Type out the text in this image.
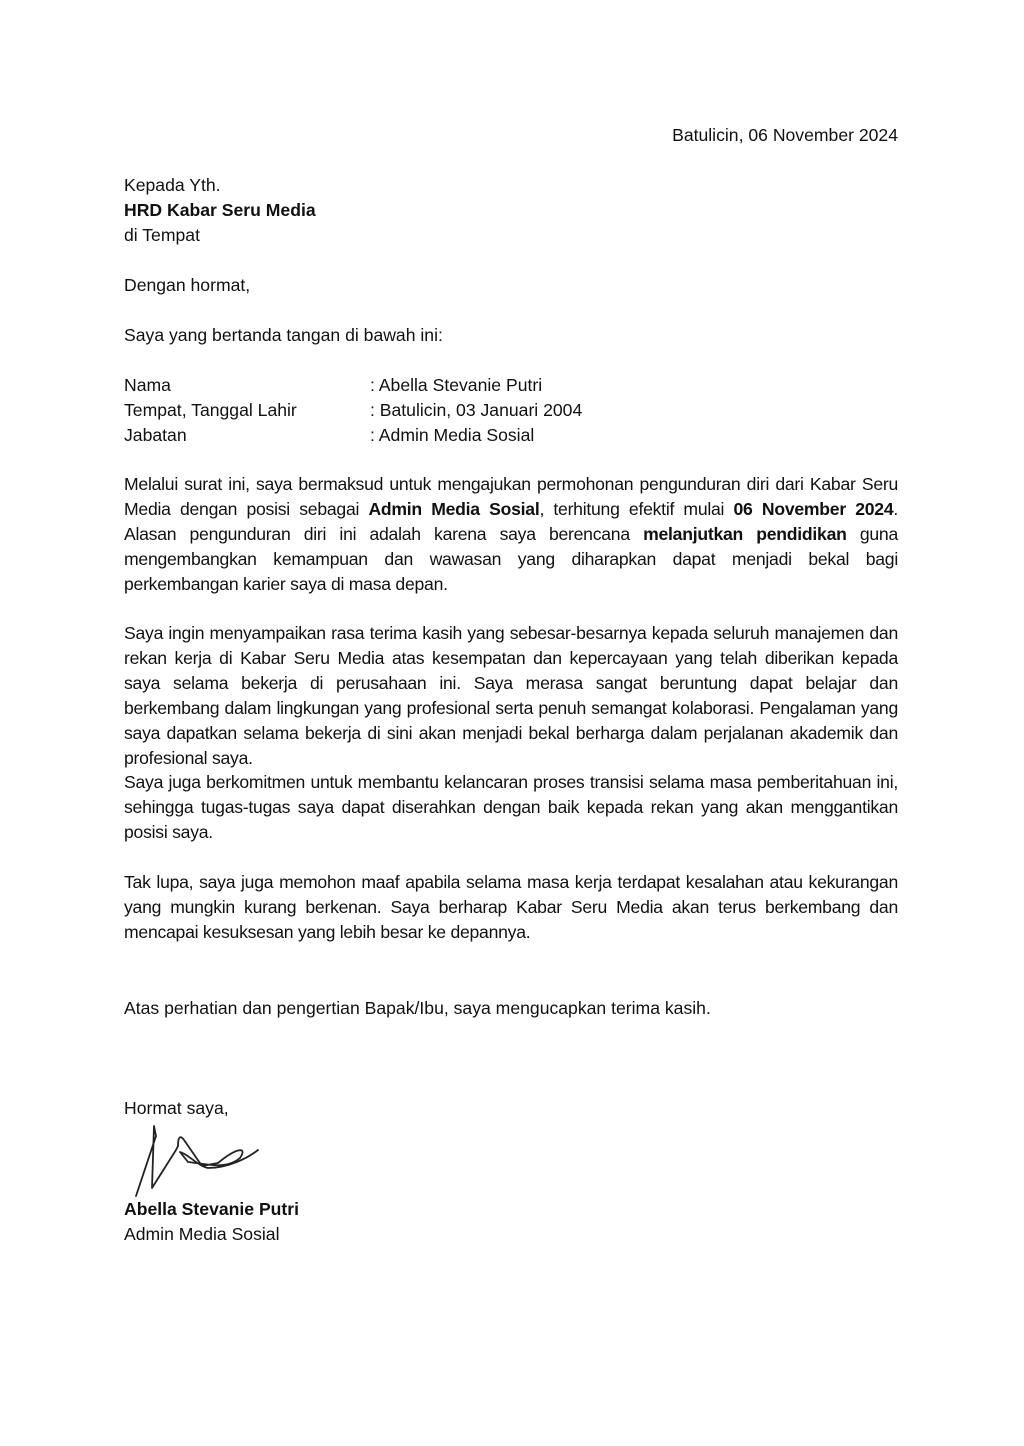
Batulicin, 06 November 2024
Kepada Yth.
HRD Kabar Seru Media
di Tempat
Dengan hormat,
Saya yang bertanda tangan di bawah ini:
Nama	: Abella Stevanie Putri
Tempat, Tanggal Lahir	: Batulicin, 03 Januari 2004
Jabatan	: Admin Media Sosial
Melalui surat ini, saya bermaksud untuk mengajukan permohonan pengunduran diri dari Kabar Seru Media dengan posisi sebagai Admin Media Sosial, terhitung efektif mulai 06 November 2024. Alasan pengunduran diri ini adalah karena saya berencana melanjutkan pendidikan guna mengembangkan kemampuan dan wawasan yang diharapkan dapat menjadi bekal bagi perkembangan karier saya di masa depan.
Saya ingin menyampaikan rasa terima kasih yang sebesar-besarnya kepada seluruh manajemen dan rekan kerja di Kabar Seru Media atas kesempatan dan kepercayaan yang telah diberikan kepada saya selama bekerja di perusahaan ini. Saya merasa sangat beruntung dapat belajar dan berkembang dalam lingkungan yang profesional serta penuh semangat kolaborasi. Pengalaman yang saya dapatkan selama bekerja di sini akan menjadi bekal berharga dalam perjalanan akademik dan profesional saya.
Saya juga berkomitmen untuk membantu kelancaran proses transisi selama masa pemberitahuan ini, sehingga tugas-tugas saya dapat diserahkan dengan baik kepada rekan yang akan menggantikan posisi saya.
Tak lupa, saya juga memohon maaf apabila selama masa kerja terdapat kesalahan atau kekurangan yang mungkin kurang berkenan. Saya berharap Kabar Seru Media akan terus berkembang dan mencapai kesuksesan yang lebih besar ke depannya.
Atas perhatian dan pengertian Bapak/Ibu, saya mengucapkan terima kasih.
Hormat saya,
Abella Stevanie Putri
Admin Media Sosial
